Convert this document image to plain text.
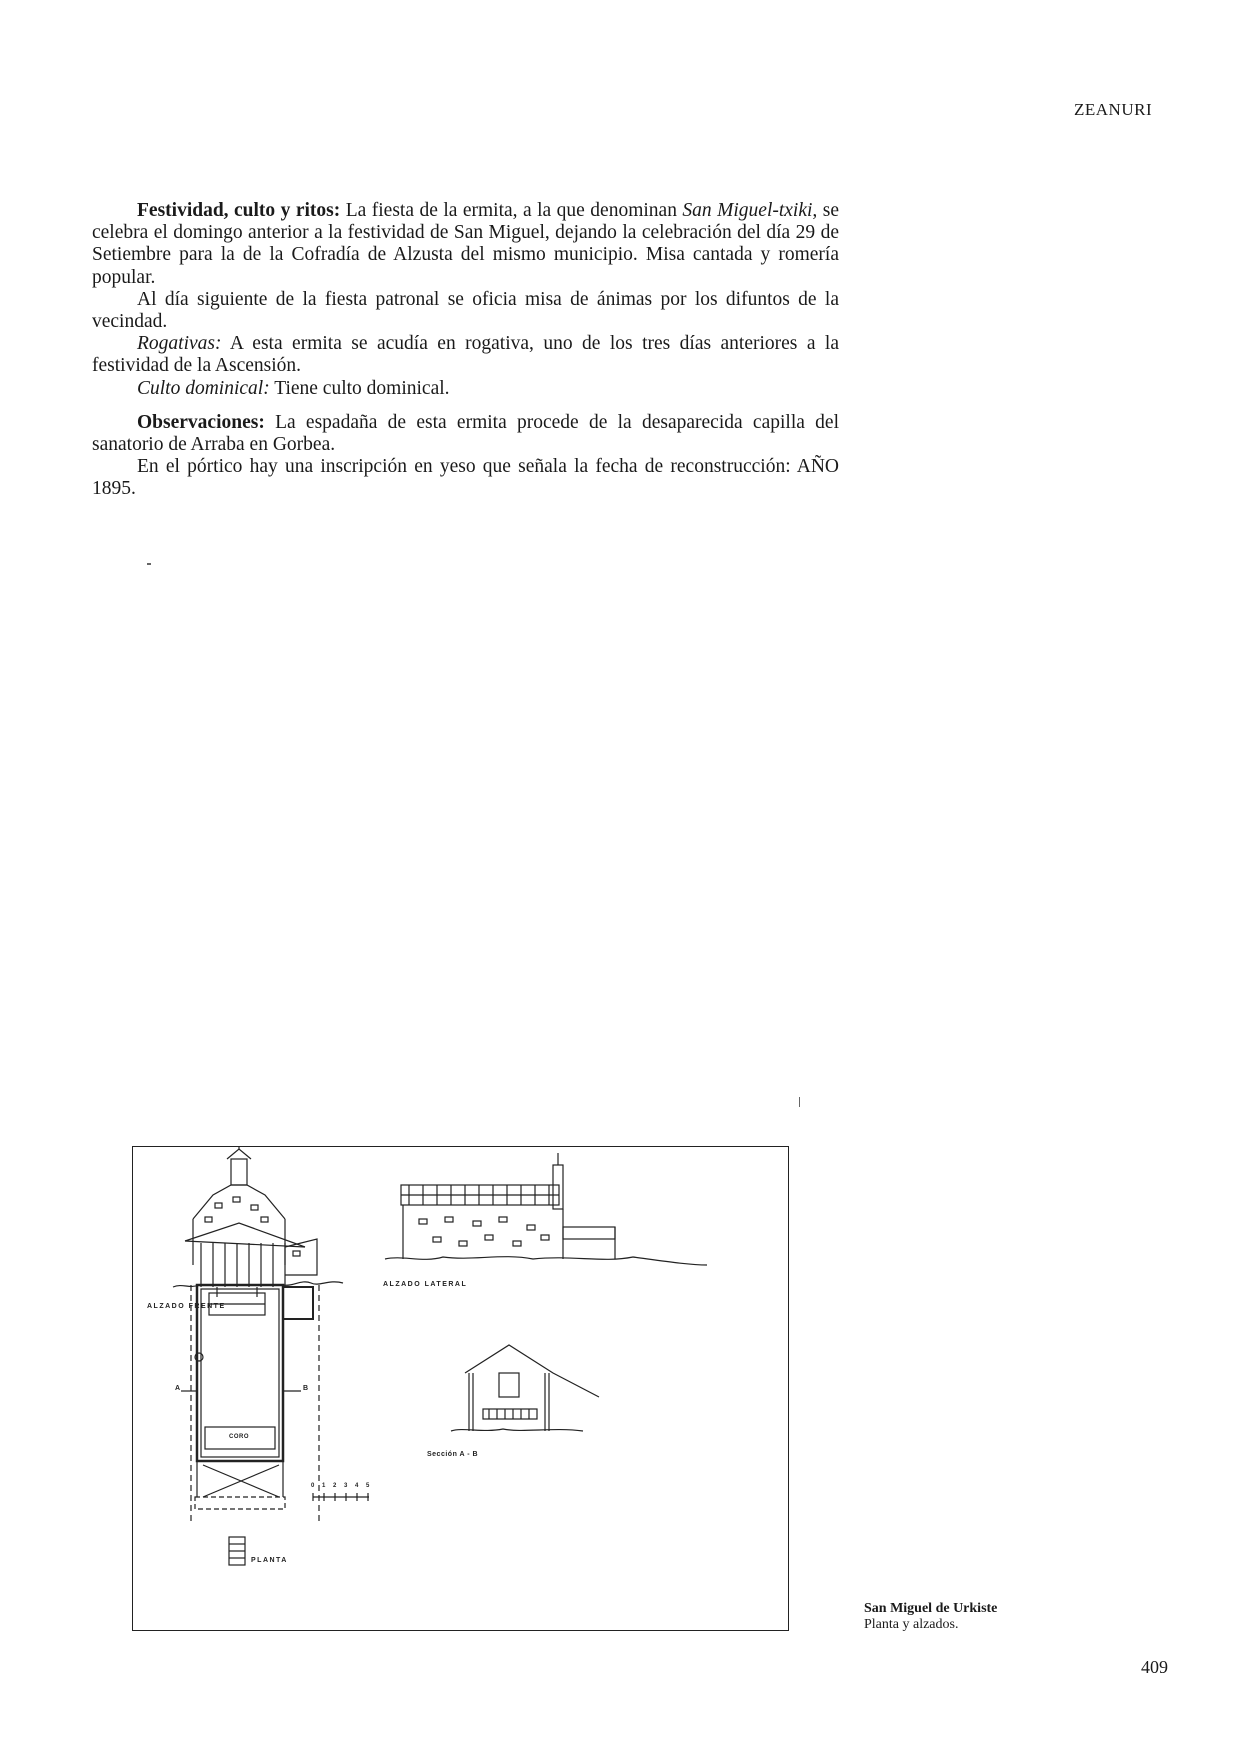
ZEANURI

Festividad, culto y ritos: La fiesta de la ermita, a la que denominan San Miguel-txiki, se celebra el domingo anterior a la festividad de San Miguel, dejando la celebración del día 29 de Setiembre para la de la Cofradía de Alzusta del mismo municipio. Misa cantada y romería popular.

Al día siguiente de la fiesta patronal se oficia misa de ánimas por los difuntos de la vecindad.

Rogativas: A esta ermita se acudía en rogativa, uno de los tres días anteriores a la festividad de la Ascensión.

Culto dominical: Tiene culto dominical.

Observaciones: La espadaña de esta ermita procede de la desaparecida capilla del sanatorio de Arraba en Gorbea.

En el pórtico hay una inscripción en yeso que señala la fecha de reconstrucción: AÑO 1895.

ALZADO FRENTE
ALZADO LATERAL
Sección A - B
PLANTA
CORO
A	B
0 1 2 3 4 5
San Miguel de Urkiste
Planta y alzados.
409
